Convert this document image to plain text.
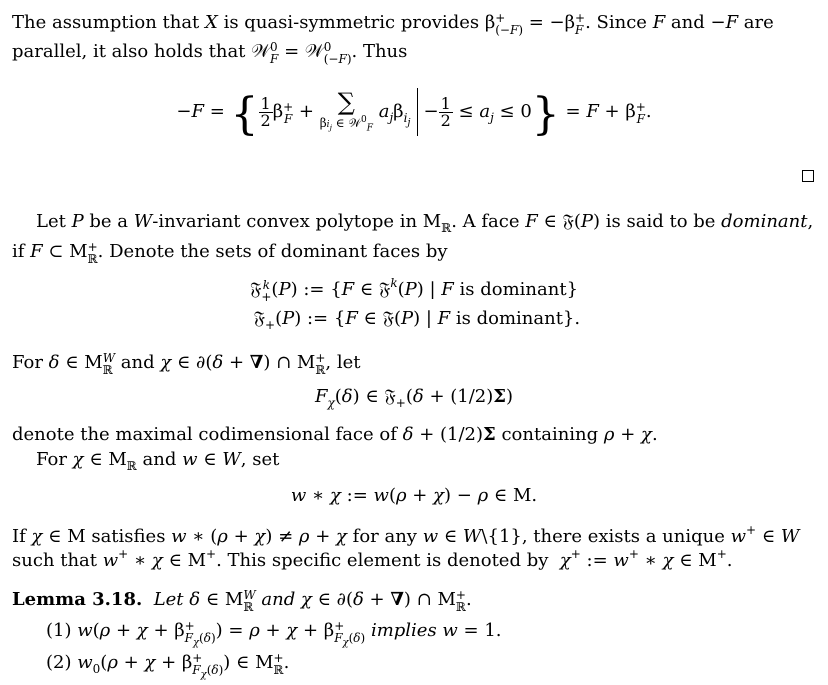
The assumption that X is quasi-symmetric provides β +
(−F) = −β +
F . Since F and −F are
parallel, it also holds that 𝒲 0
F = 𝒲 0
(−F) . Thus
−F = { $\frac{1}{2}$ β +
F + ∑
$\beta i_j$ ∈ 𝒲$^0_F$
$a_j\beta_{i_j}- \frac{1}{2} \le a_j \le 0\} = F + \beta$ +
F .
Let P be a W-invariant convex polytope in $M_ℝ$. A face F ∈ 𝔉(P) is said to be dominant,
if F ⊂ M +
ℝ . Denote the sets of dominant faces by
𝔉 k
+ (P) := {F ∈ 𝔉$^k$(P) | F is dominant}
𝔉$_+$(P) := {F ∈ 𝔉(P) | F is dominant}.
For δ ∈ M W
ℝ and χ ∈ ∂(δ + ∇) ∩ M +
ℝ , let
$F_\chi(\delta)$ ∈ 𝔉$_+$(δ + (1/2)Σ)
denote the maximal codimensional face of δ + (1/2)Σ containing ρ + χ.
For χ ∈ $M_ℝ$ and w ∈ W, set
w ∗ χ := w(ρ + χ) − ρ ∈ M.
If χ ∈ M satisfies w ∗ (ρ + χ) ≠ ρ + χ for any w ∈ W\{1}, there exists a unique w+ ∈ W
such that w+ ∗ χ ∈ M+. This specific element is denoted by  χ+ := w+ ∗ χ ∈ M+.
Lemma 3.18. Let δ ∈ M W
ℝ and χ ∈ ∂(δ + ∇) ∩ M +
ℝ .
(1) w(ρ + χ + β +
$F_\chi(\delta)$ ) = ρ + χ + β +
$F_\chi(\delta)$ implies w = 1.
(2) $w_0(\rho + \chi + \beta$ +
$F_\chi(\delta)$ ) ∈ M +
ℝ .
